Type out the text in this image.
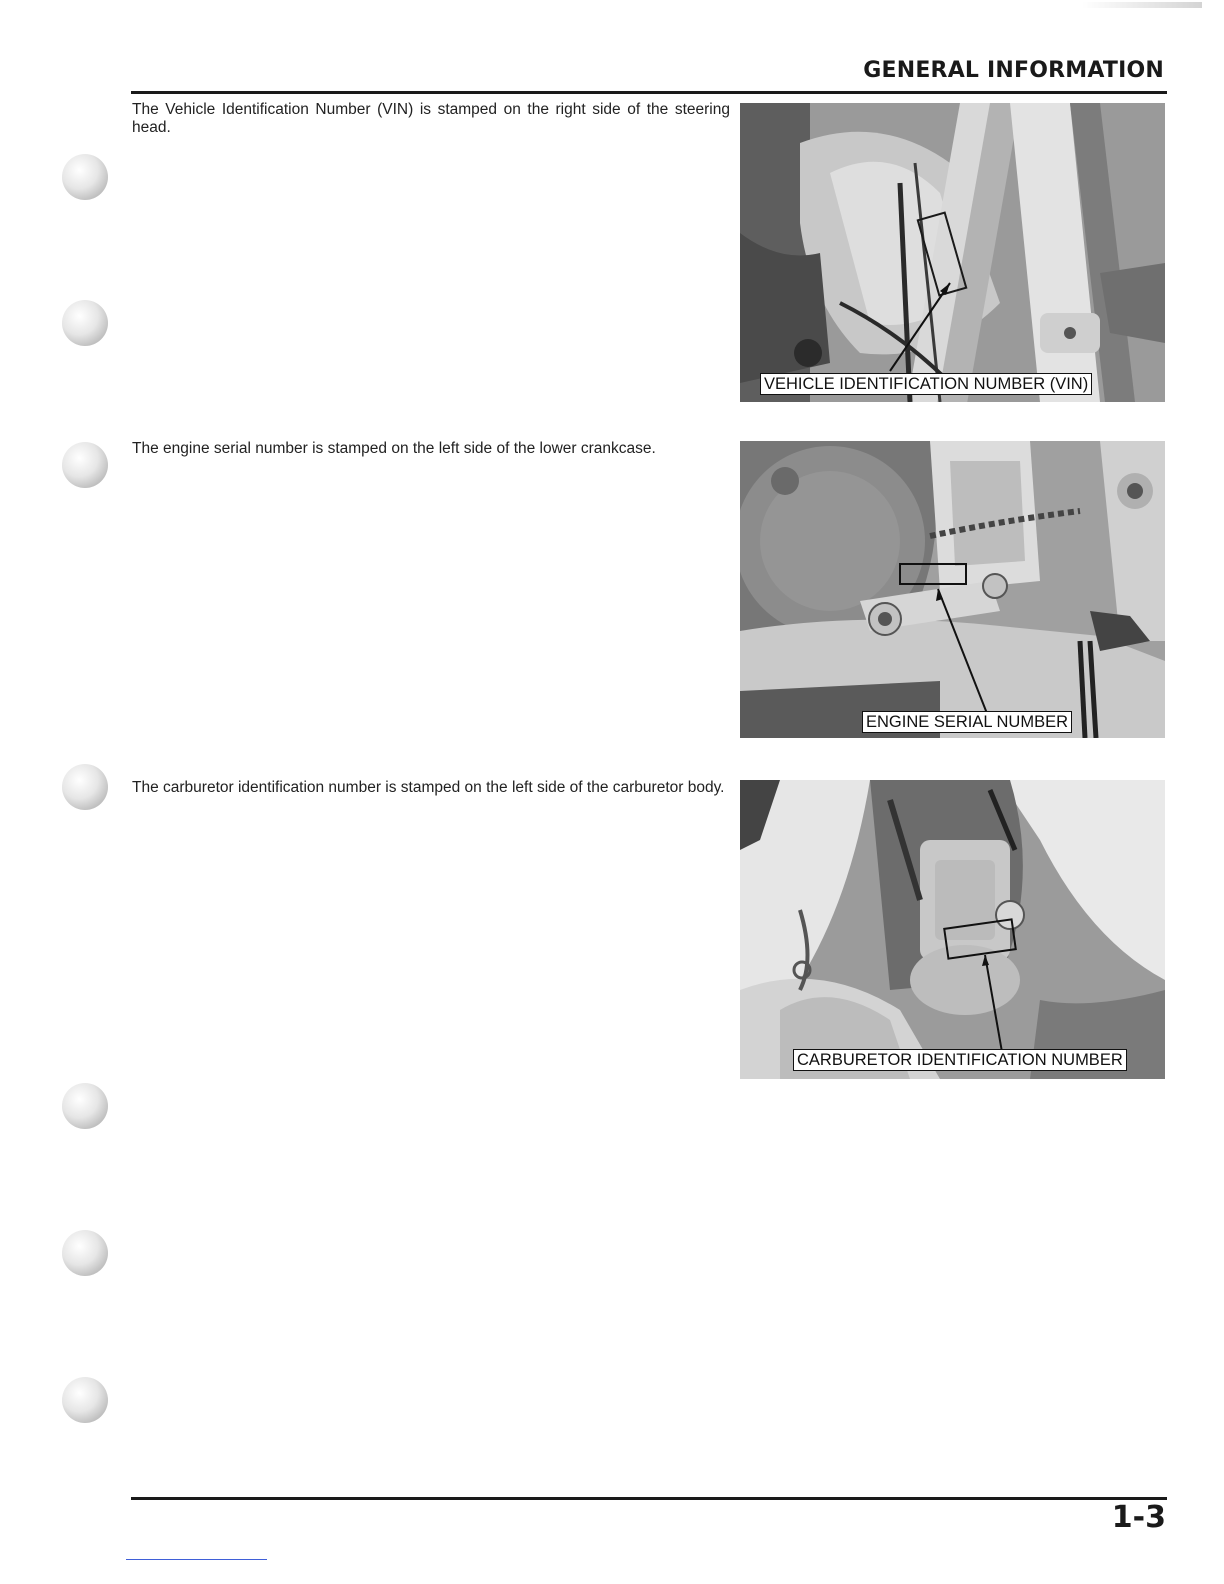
GENERAL INFORMATION
The Vehicle Identification Number (VIN) is stamped on the right side of the steering head.
VEHICLE IDENTIFICATION NUMBER (VIN)
The engine serial number is stamped on the left side of the lower crankcase.
ENGINE SERIAL NUMBER
The carburetor identification number is stamped on the left side of the carburetor body.
CARBURETOR IDENTIFICATION NUMBER
1-3
